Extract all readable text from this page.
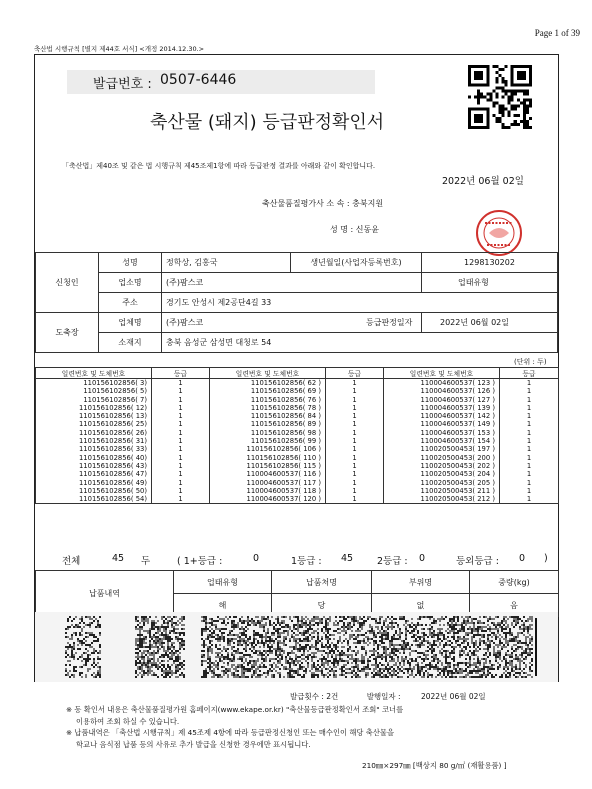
Page 1 of 39
축산법 시행규칙 [별지 제44호 서식] <개정 2014.12.30.>
발급번호 : 0507-6446
축산물 (돼지) 등급판정확인서
「축산법」제40조 및 같은 법 시행규칙 제45조제1항에 따라 등급판정 결과를 아래와 같이 확인합니다.
2022년 06월 02일
축산물품질평가사 소 속 : 충북지원
성 명 : 신동윤
신청인	성명	정학상, 김홍국	생년월일(사업자등록번호)	1298130202
	업소명	(주)팜스코		업태유형
	주소	경기도 안성시 제2공단4길 33		
도축장	업체명	(주)팜스코		등급판정일자 2022년 06월 02일

	소재지	충북 음성군 삼성면 대청로 54		
(단위 : 두)
일련번호 및 도체번호	등급	일련번호 및 도체번호	등급	일련번호 및 도체번호	등급
110156102856( 3)	1	110156102856( 62 )	1	110004600537( 123 )	1
110156102856( 5)	1	110156102856( 69 )	1	110004600537( 126 )	1
110156102856( 7)	1	110156102856( 76 )	1	110004600537( 127 )	1
110156102856( 12)	1	110156102856( 78 )	1	110004600537( 139 )	1
110156102856( 13)	1	110156102856( 84 )	1	110004600537( 142 )	1
110156102856( 25)	1	110156102856( 89 )	1	110004600537( 149 )	1
110156102856( 26)	1	110156102856( 98 )	1	110004600537( 153 )	1
110156102856( 31)	1	110156102856( 99 )	1	110004600537( 154 )	1
110156102856( 33)	1	110156102856( 106 )	1	110020500453( 197 )	1
110156102856( 40)	1	110156102856( 110 )	1	110020500453( 200 )	1
110156102856( 43)	1	110156102856( 115 )	1	110020500453( 202 )	1
110156102856( 47)	1	110004600537( 116 )	1	110020500453( 204 )	1
110156102856( 49)	1	110004600537( 117 )	1	110020500453( 205 )	1
110156102856( 50)	1	110004600537( 118 )	1	110020500453( 211 )	1
110156102856( 54)	1	110004600537( 120 )	1	110020500453( 212 )	1
전체	45 두	( 1+등급 :	0	1등급 : 45	2등급 : 0	등외등급 : 0 )
납품내역	업태유형	납품처명	부위명	중량(kg)
	해	당	없	음
발급횟수 : 2건	발행일자 :	2022년 06월 02일
※ 동 확인서 내용은 축산물품질평가원 홈페이지(www.ekape.or.kr) "축산물등급판정확인서 조회" 코너를
이용하여 조회 하실 수 있습니다.
※ 납품내역은 「축산법 시행규칙」제 45조제 4항에 따라 등급판정신청인 또는 매수인이 해당 축산물을
학교나 음식점 납품 등의 사유로 추가 발급을 신청한 경우에만 표시됩니다.
210㎜×297㎜ [백상지 80 g/㎡ (재활용품) ]
